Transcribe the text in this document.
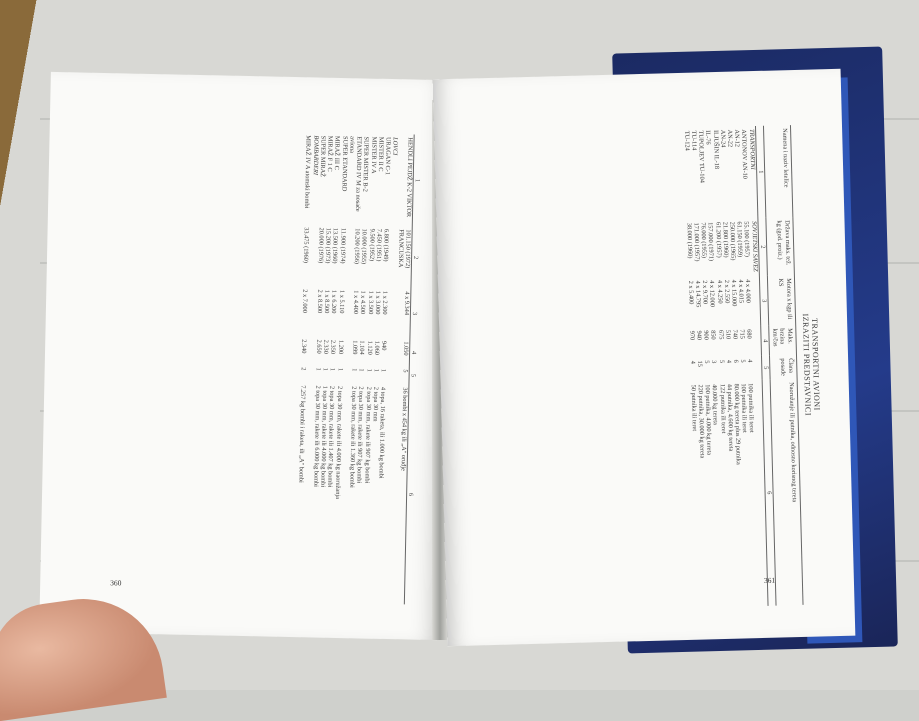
1	2	3	4	5	6
HENDLI PEJDŽ K-2 VIKTOR	101.150 (1972)	4 x 9.344	1.050	5	36 bombi x 454 kg ili „A" oruđje
	FRANCUSKA				
LOVCI					
URAGAN C-1	6.800 (1949)	1 x 2.300	940	1	4 topa, 16 raketa, ili 1.000 kg bombi
MISTER II C	7.450 (1951)	1 x 3.000	1.060	1	2 topa 30 mm
MISTER IV A	9.500 (1952)	1 x 3.500	1.120	1	2 topa 30 mm, rakete ili 907 kg bombi
SUPER MISTER B-2	10.000 (1955)	1 x 4.500	1.104	1	2 topa 30 mm, rakete ili 907 kg bombi
ETANDARD IV M za nosače aviona	10.200 (1956)	1 x 4.400	1.099	1	2 topa 30 mm, rakete ili 1.360 kg bombi
SUPER ETANDARD	11.900 (1974)	1 x 5.110	1.200	1	2 topa 30 mm, rakete ili 4.000 kg naoružanja
MIRAŽ III C	13.500 (1960)	1 x 6.200	2.350	1	2 topa 30 mm, rakete ili 1.407 kg bombi
MIRAŽ F 1 C	15.200 (1973)	1 x 8.500	2.330	1	1 topa 30 mm, rakete ili 4.000 kg bombi
SUPER MIRAŽ	20.000 (1976)	2 x 8.500	2.650	1	2 topa 30 mm, rakete ili 6.000 kg bombi
BOMBARDERI					
MIRAŽ IV A atomski bombi	33.475 (1960)	2 x 7.000	2.340	2	7.257 kg bombi i raketa, ili „A" bombi
360
TRANSPORTNI AVIONI
IZRAZITI PREDSTAVNICI
Namena i naziv letelice	Država maks. tež. kg (god. proiz.)	Motora x kgp ili KS	Maks. brzina km/čas	Člana posade	Naoružanje ili putnika, odnosno korisnog tereta
1	2	3	4	5	6
TRANSPORTNI	SOVJETSKI SAVEZ				
ANTONOV AN-10	55.100 (1957)	4 x 4.000	680	4	100 putnika ili teret
AN-12	61.150 (1959)	4 x 4.015	715	5	100 putnika ili teret
AN-22	250.000 (1965)	4 x 15.000	740	6	80.000 kg tereta plus 29 putnika
AN-24	21.800 (1960)	2 x 2.550	510	4	44 putnika, 4.600 kg tereta
ILJUŠIN IL-18	61.200 (1957)	4 x 4.250	675	5	122 putnika ili teret
IL-76	157.000 (1971)	4 x 12.000	850	3	40.000 kg tereta
TUPOLJEV TU-104	76.000 (1955)	2 x 9.700	900	5	100 putnika, 4.000 kg tereta
TU-114	171.000 (1957)	4 x 14.795	940	15	220 putnika, 30.000 kg tereta
TU-124	38.000 (1960)	2 x 5.400	970	4	50 putnika ili teret
361
